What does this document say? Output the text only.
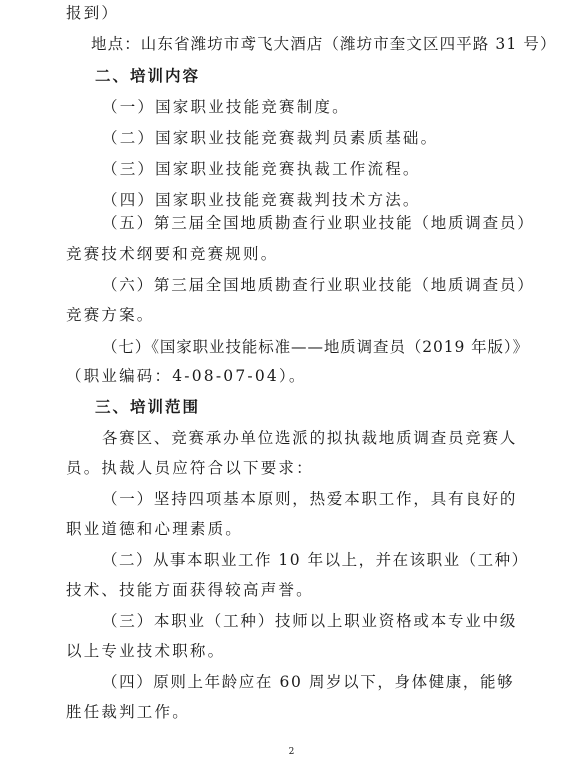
报到）
地点：山东省潍坊市鸢飞大酒店（潍坊市奎文区四平路 31 号）
二、培训内容
（一）国家职业技能竞赛制度。
（二）国家职业技能竞赛裁判员素质基础。
（三）国家职业技能竞赛执裁工作流程。
（四）国家职业技能竞赛裁判技术方法。
（五）第三届全国地质勘查行业职业技能（地质调查员）
竞赛技术纲要和竞赛规则。
（六）第三届全国地质勘查行业职业技能（地质调查员）
竞赛方案。
（七）《国家职业技能标准——地质调查员（2019 年版）》
（职业编码：4-08-07-04）。
三、培训范围
各赛区、竞赛承办单位选派的拟执裁地质调查员竞赛人
员。执裁人员应符合以下要求：
（一）坚持四项基本原则，热爱本职工作，具有良好的
职业道德和心理素质。
（二）从事本职业工作 10 年以上，并在该职业（工种）
技术、技能方面获得较高声誉。
（三）本职业（工种）技师以上职业资格或本专业中级
以上专业技术职称。
（四）原则上年龄应在 60 周岁以下，身体健康，能够
胜任裁判工作。
2
